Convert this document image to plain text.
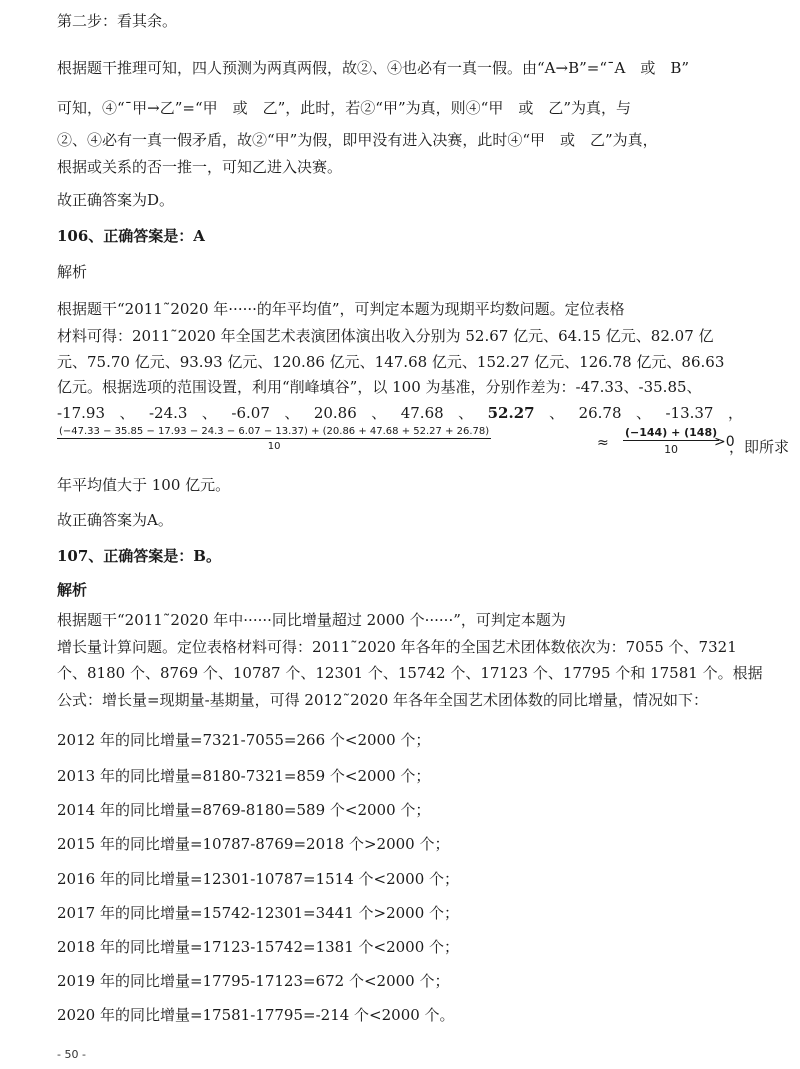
第二步：看其余。
根据题干推理可知，四人预测为两真两假，故②、④也必有一真一假。由“A→B”=“¯A　或　B”
可知，④“¯甲→乙”=“甲　或　乙”，此时，若②“甲”为真，则④“甲　或　乙”为真，与
②、④必有一真一假矛盾，故②“甲”为假，即甲没有进入决赛，此时④“甲　或　乙”为真，
根据或关系的否一推一，可知乙进入决赛。
故正确答案为D。
106、正确答案是：A
解析
根据题干“2011˜2020 年······的年平均值”，可判定本题为现期平均数问题。定位表格
材料可得：2011˜2020 年全国艺术表演团体演出收入分别为 52.67 亿元、64.15 亿元、82.07 亿
元、75.70 亿元、93.93 亿元、120.86 亿元、147.68 亿元、152.27 亿元、126.78 亿元、86.63
亿元。根据选项的范围设置，利用“削峰填谷”，以 100 为基准，分别作差为：-47.33、-35.85、
-17.93 、 -24.3 、 -6.07 、 20.86 、 47.68 、 52.27 、 26.78 、 -13.37 ，
(−47.33 − 35.85 − 17.93 − 24.3 − 6.07 − 13.37) + (20.86 + 47.68 + 52.27 + 26.78)
10	≈ $\frac{(-144) + (148)}{10}$
>0
，即所求
年平均值大于 100 亿元。
故正确答案为A。
107、正确答案是：B。
解析
根据题干“2011˜2020 年中······同比增量超过 2000 个······”，可判定本题为
增长量计算问题。定位表格材料可得：2011˜2020 年各年的全国艺术团体数依次为：7055 个、7321
个、8180 个、8769 个、10787 个、12301 个、15742 个、17123 个、17795 个和 17581 个。根据
公式：增长量=现期量-基期量，可得 2012˜2020 年各年全国艺术团体数的同比增量，情况如下：
2012 年的同比增量=7321-7055=266 个<2000 个；
2013 年的同比增量=8180-7321=859 个<2000 个；
2014 年的同比增量=8769-8180=589 个<2000 个；
2015 年的同比增量=10787-8769=2018 个>2000 个；
2016 年的同比增量=12301-10787=1514 个<2000 个；
2017 年的同比增量=15742-12301=3441 个>2000 个；
2018 年的同比增量=17123-15742=1381 个<2000 个；
2019 年的同比增量=17795-17123=672 个<2000 个；
2020 年的同比增量=17581-17795=-214 个<2000 个。
- 50 -
